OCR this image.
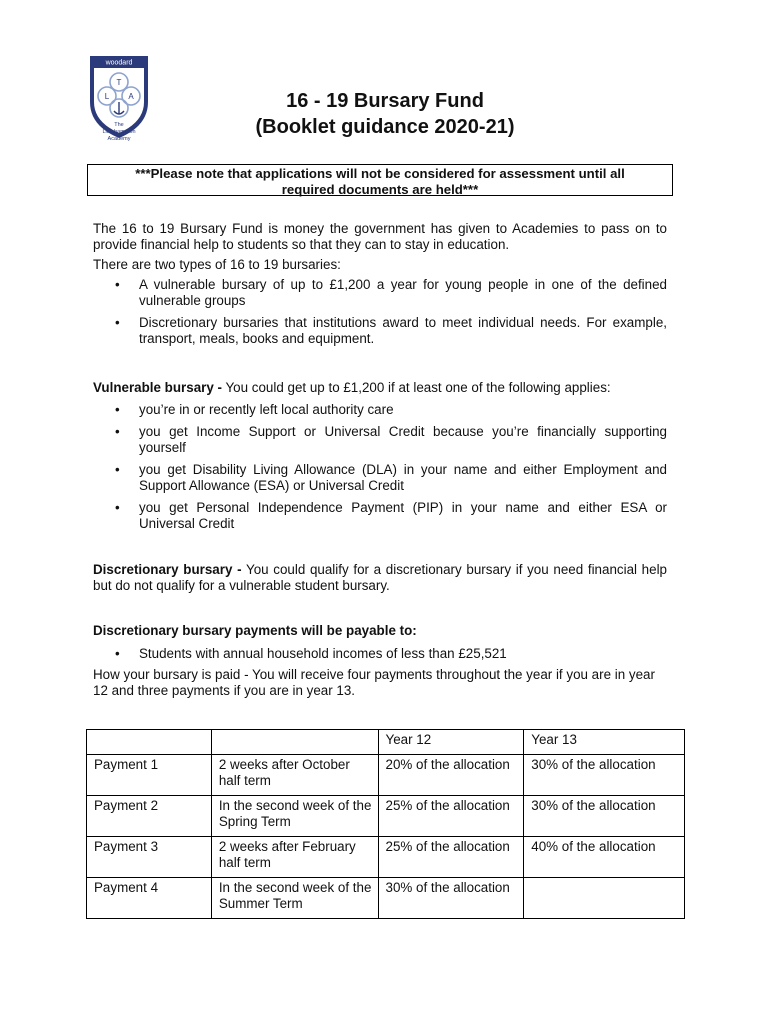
woodard
T
L A
The
Littlehampton
Academy
16 - 19 Bursary Fund
(Booklet guidance 2020-21)
***Please note that applications will not be considered for assessment until all
required documents are held***

The 16 to 19 Bursary Fund is money the government has given to Academies to pass on to provide financial help to students so that they can to stay in education.

There are two types of 16 to 19 bursaries:

• A vulnerable bursary of up to £1,200 a year for young people in one of the defined vulnerable groups
• Discretionary bursaries that institutions award to meet individual needs. For example, transport, meals, books and equipment.

Vulnerable bursary - You could get up to £1,200 if at least one of the following applies:

• you’re in or recently left local authority care
• you get Income Support or Universal Credit because you’re financially supporting yourself
• you get Disability Living Allowance (DLA) in your name and either Employment and Support Allowance (ESA) or Universal Credit
• you get Personal Independence Payment (PIP) in your name and either ESA or Universal Credit

Discretionary bursary - You could qualify for a discretionary bursary if you need financial help but do not qualify for a vulnerable student bursary.

Discretionary bursary payments will be payable to:

• Students with annual household incomes of less than £25,521

How your bursary is paid - You will receive four payments throughout the year if you are in year 12 and three payments if you are in year 13.

		Year 12	Year 13
Payment 1	2 weeks after October half term	20% of the allocation	30% of the allocation
Payment 2	In the second week of the Spring Term	25% of the allocation	30% of the allocation
Payment 3	2 weeks after February half term	25% of the allocation	40% of the allocation
Payment 4	In the second week of the Summer Term	30% of the allocation	
